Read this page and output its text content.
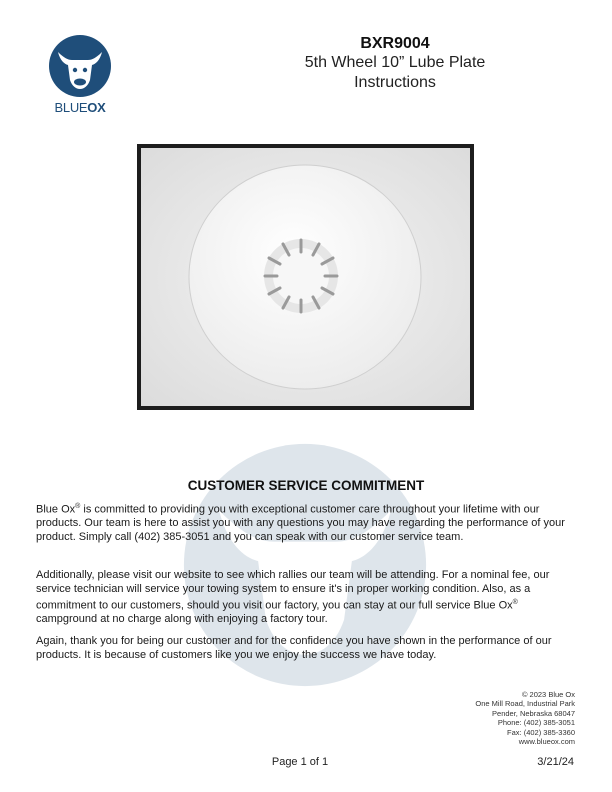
BLUEOX
BXR9004
5th Wheel 10” Lube Plate
Instructions
CUSTOMER SERVICE COMMITMENT
Blue Ox® is committed to providing you with exceptional customer care throughout your lifetime with our products. Our team is here to assist you with any questions you may have regarding the performance of your product. Simply call (402) 385-3051 and you can speak with our customer service team.
Additionally, please visit our website to see which rallies our team will be attending. For a nominal fee, our service technician will service your towing system to ensure it's in proper working condition. Also, as a commitment to our customers, should you visit our factory, you can stay at our full service Blue Ox® campground at no charge along with enjoying a factory tour.
Again, thank you for being our customer and for the confidence you have shown in the performance of our products. It is because of customers like you we enjoy the success we have today.
© 2023 Blue Ox
One Mill Road, Industrial Park
Pender, Nebraska 68047
Phone: (402) 385-3051
Fax: (402) 385-3360
www.blueox.com
Page 1 of 1	3/21/24
